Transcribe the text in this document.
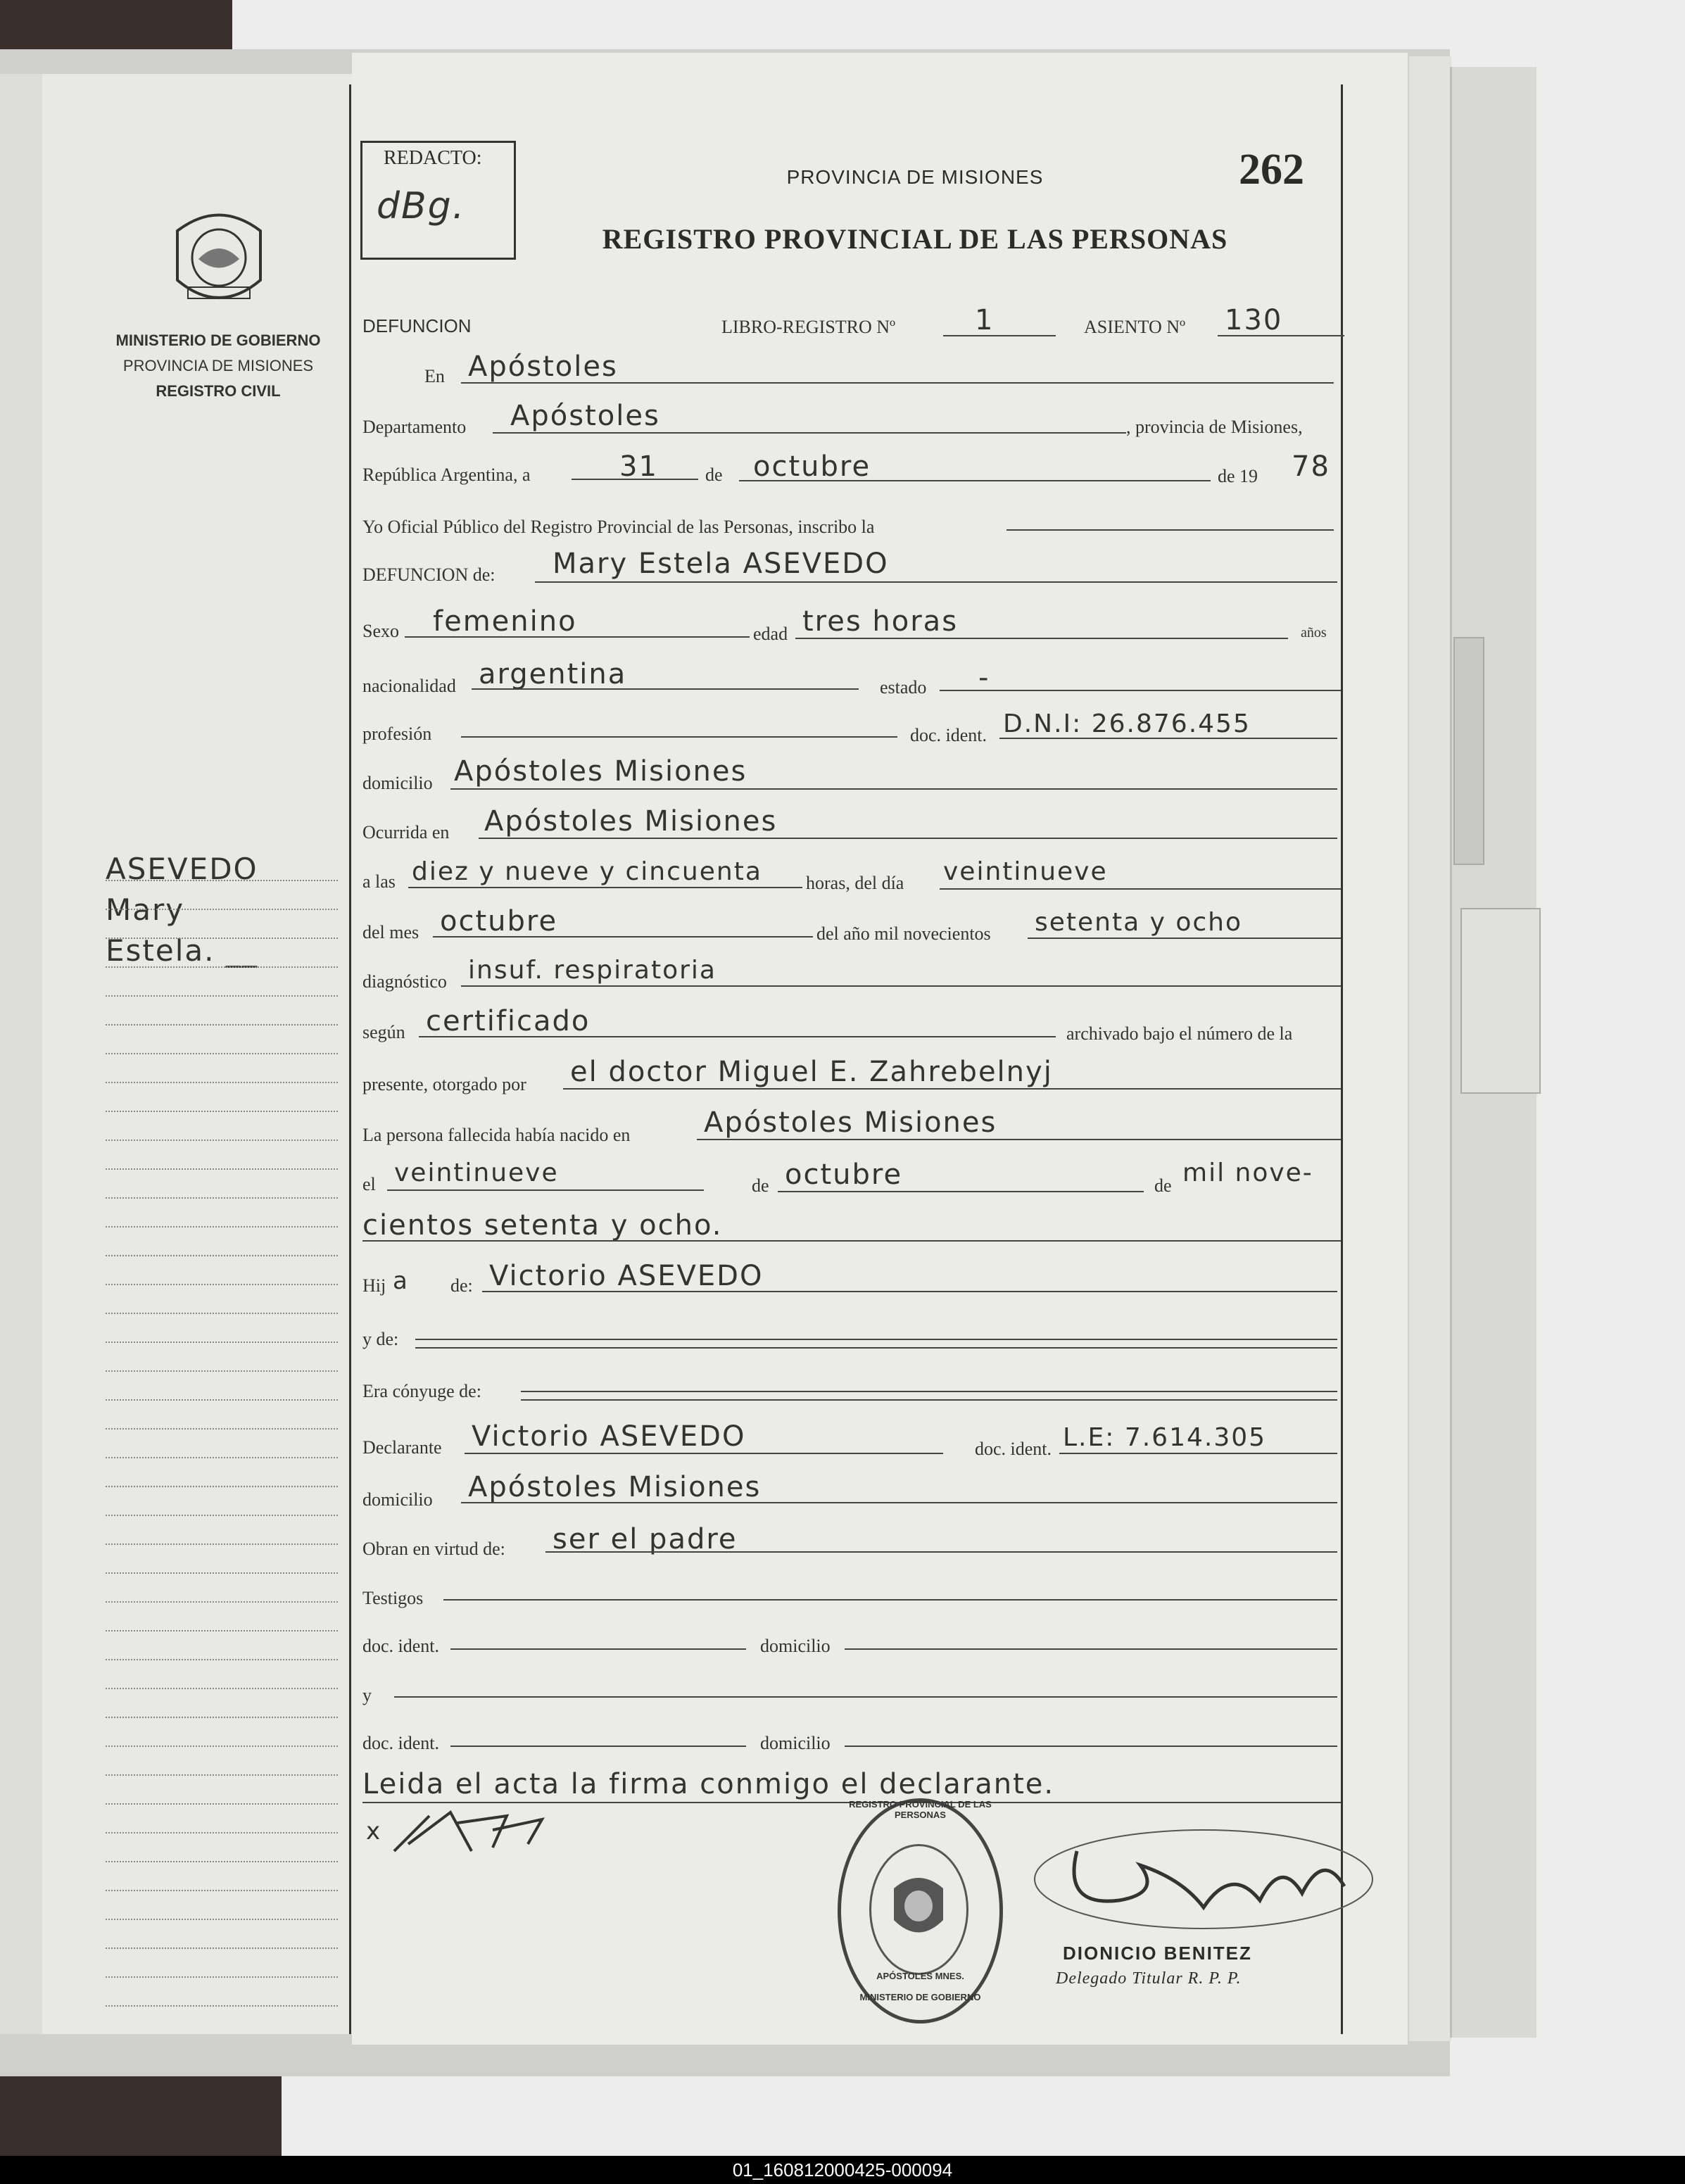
MINISTERIO DE GOBIERNO
PROVINCIA DE MISIONES
REGISTRO CIVIL
ASEVEDO
Mary
Estela. __
REDACTO:
dBg.
PROVINCIA DE MISIONES
REGISTRO PROVINCIAL DE LAS PERSONAS
262
DEFUNCION	LIBRO-REGISTRO Nº	1	ASIENTO Nº 130
En Apóstoles
Departamento Apóstoles	, provincia de Misiones,
República Argentina, a	31	de octubre	de 19 78
Yo Oficial Público del Registro Provincial de las Personas, inscribo la
DEFUNCION de: Mary Estela ASEVEDO
Sexo femenino	edad tres horas	años
nacionalidad argentina	estado -
profesión	doc. ident. D.N.I: 26.876.455
domicilio Apóstoles Misiones
Ocurrida en Apóstoles Misiones
a las diez y nueve y cincuenta horas, del día veintinueve
del mes octubre	del año mil novecientos setenta y ocho
diagnóstico insuf. respiratoria
según certificado	archivado bajo el número de la
presente, otorgado por el doctor Miguel E. Zahrebelnyj
La persona fallecida había nacido en	Apóstoles Misiones
el veintinueve	de octubre	de mil nove-
cientos setenta y ocho.
Hij a de: Victorio ASEVEDO
y de:
Era cónyuge de:
Declarante Victorio ASEVEDO	doc. ident. L.E: 7.614.305
domicilio Apóstoles Misiones
Obran en virtud de: ser el padre
Testigos
doc. ident.	domicilio
y
doc. ident.	domicilio
Leida el acta la firma conmigo el declarante.
x
REGISTRO PROVINCIAL DE LAS PERSONAS
APÓSTOLES MNES.
MINISTERIO DE GOBIERNO
DIONICIO BENITEZ
Delegado Titular R. P. P.
01_160812000425-000094
